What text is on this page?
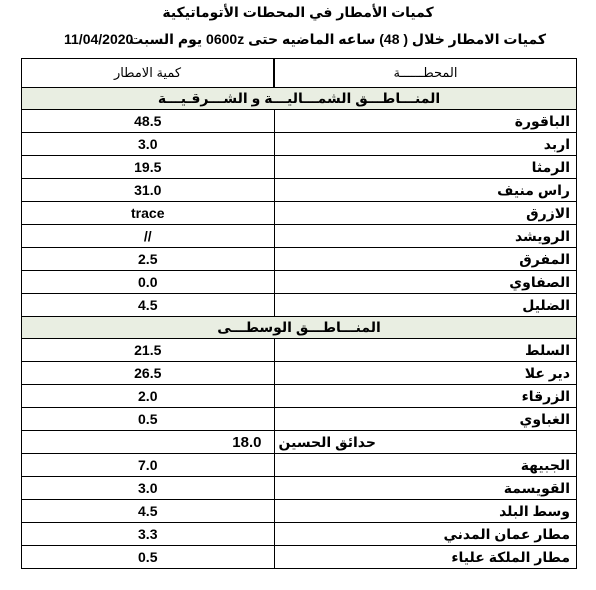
كميات الأمطار في المحطات الأتوماتيكية
11/04/2020
كميات الامطار خلال ( 48) ساعه الماضيه حتى 0600z يوم السبت
كمية الامطار	المحطــــــة
المنـــاطـــق الشمـــاليـــة و الشـــرقـيـــة	
48.5	الباقورة
3.0	اربد
19.5	الرمثا
31.0	راس منيف
trace	الازرق
//	الرويشد
2.5	المفرق
0.0	الصفاوي
4.5	الضليل
المنـــاطـــق الوسطـــى	
21.5	السلط
26.5	دير علا
2.0	الزرقاء
0.5	الغباوي
18.0	حدائق الحسين
7.0	الجبيهة
3.0	القويسمة
4.5	وسط البلد
3.3	مطار عمان المدني
0.5	مطار الملكة علياء
